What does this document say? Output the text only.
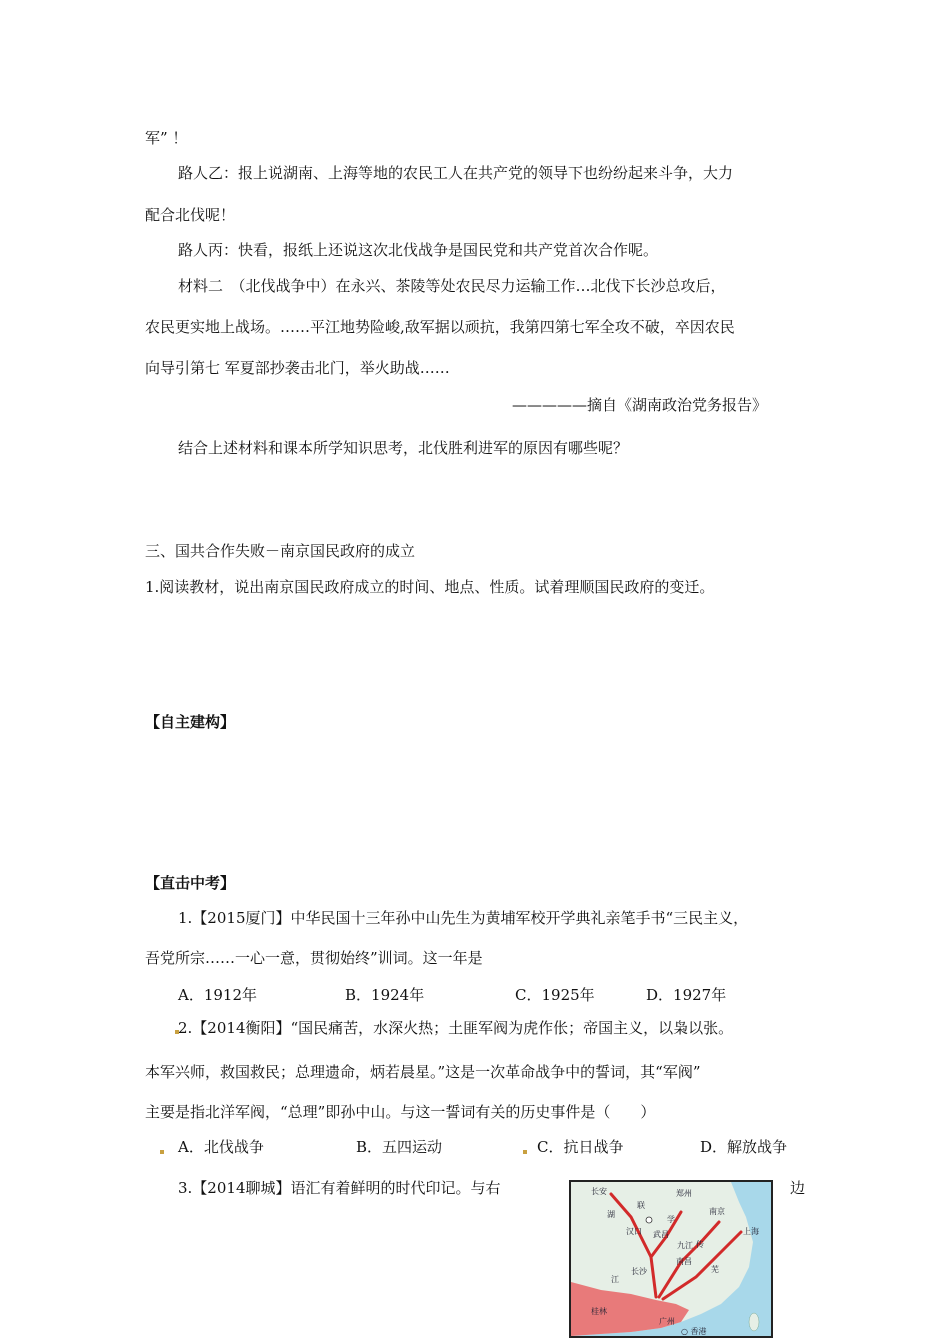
军” ！
路人乙：报上说湖南、上海等地的农民工人在共产党的领导下也纷纷起来斗争，大力
配合北伐呢！
路人丙：快看，报纸上还说这次北伐战争是国民党和共产党首次合作呢。
材料二　（北伐战争中）在永兴、茶陵等处农民尽力运输工作…北伐下长沙总攻后，
农民更实地上战场。……平江地势险峻,敌军据以顽抗，我第四第七军全攻不破，卒因农民
向导引第七 军夏部抄袭击北门，举火助战……
—————摘自《湖南政治党务报告》
结合上述材料和课本所学知识思考，北伐胜利进军的原因有哪些呢？
三、国共合作失败－南京国民政府的成立
1.阅读教材，说出南京国民政府成立的时间、地点、性质。试着理顺国民政府的变迁。
【自主建构】
【直击中考】
1.【2015厦门】中华民国十三年孙中山先生为黄埔军校开学典礼亲笔手书“三民主义，
吾党所宗……一心一意，贯彻始终”训词。这一年是
A．1912年	B．1924年	C．1925年	D．1927年
2.【2014衡阳】“国民痛苦，水深火热；土匪军阀为虎作伥；帝国主义，以枭以张。
本军兴师，救国救民；总理遗命，炳若晨星。”这是一次革命战争中的誓词，其“军阀”
主要是指北洋军阀，“总理”即孙中山。与这一誓词有关的历史事件是（　　）
A．北伐战争	B．五四运动	C．抗日战争	D．解放战争
3.【2014聊城】语汇有着鲜明的时代印记。与右	边
长安	郑州
南京
上海
汉口 武昌
长沙
南昌
九江
广州
桂林
湖
联
学
芜
传
江
○ 香港
